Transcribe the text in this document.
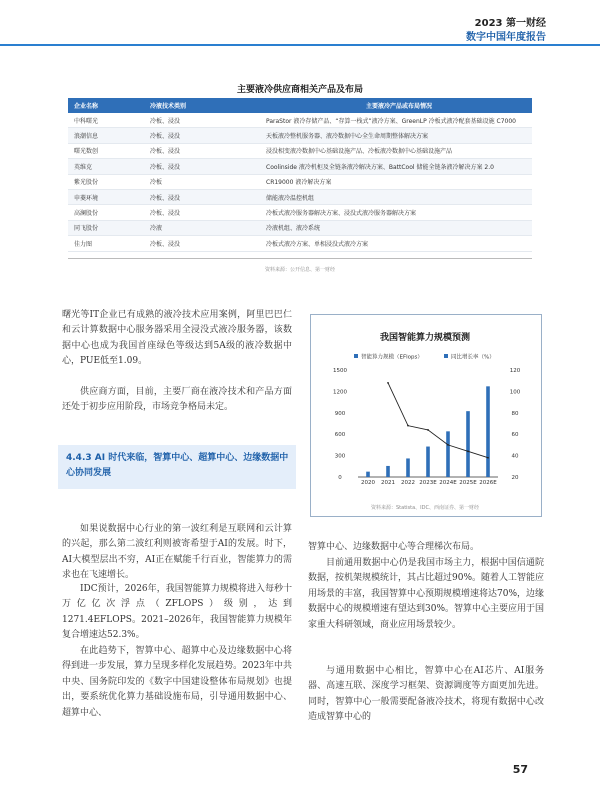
2023 第一财经
数字中国年度报告
主要液冷供应商相关产品及布局
企业名称	冷液技术类别	主要液冷产品或布局情况
中科曙光	冷板、浸没	ParaStor 液冷存储产品、“存算一栈式”液冷方案、GreenLP 冷板式液冷配套基础设施 C7000
浪潮信息	冷板、浸没	天板液冷整机服务器、液冷数据中心全生命周期整体解决方案
曙光数创	冷板、浸没	浸没相变液冷数据中心基础设施产品、冷板液冷数据中心基础设施产品
英维克	冷板、浸没	Coolinside 液冷机柜及全链条液冷解决方案、BattCool 储能全链条液冷解决方案 2.0
紫光股份	冷板	CR19000 液冷解决方案
申菱环境	冷板、浸没	储能液冷温控机组
高澜股份	冷板、浸没	冷板式液冷服务器解决方案、浸没式液冷服务器解决方案
同飞股份	冷液	冷液机组、液冷系统
佳力图	冷板、浸没	冷板式液冷方案、单相浸没式液冷方案
资料来源：公开信息、第一财经
曙光等IT企业已有成熟的液冷技术应用案例，阿里巴巴仁和云计算数据中心服务器采用全浸没式液冷服务器，该数据中心也成为我国首座绿色等级达到5A级的液冷数据中心，PUE低至1.09。
供应商方面，目前，主要厂商在液冷技术和产品方面还处于初步应用阶段，市场竞争格局未定。
4.4.3 AI 时代来临，智算中心、超算中心、边缘数据中心协同发展
如果说数据中心行业的第一波红利是互联网和云计算的兴起，那么第二波红利则被寄希望于AI的发展。时下，AI大模型层出不穷，AI正在赋能千行百业，智能算力的需求也在飞速增长。
IDC预计，2026年，我国智能算力规模将进入每秒十万亿亿次浮点（ZFLOPS）级别，达到1271.4EFLOPS。2021–2026年，我国智能算力规模年复合增速达52.3%。
在此趋势下，智算中心、超算中心及边缘数据中心将得到进一步发展，算力呈现多样化发展趋势。2023年中共中央、国务院印发的《数字中国建设整体布局规划》也提出，要系统优化算力基础设施布局，引导通用数据中心、超算中心、
我国智能算力规模预测
智能算力规模（EFlops）	同比增长率（%）
0
300
600
900
1200
1500
20
40
60
80
100
120
2020 2021 2022 2023E 2024E 2025E 2026E
资料来源：Statista、IDC、西南证券、第一财经
智算中心、边缘数据中心等合理梯次布局。
目前通用数据中心仍是我国市场主力，根据中国信通院数据，按机架规模统计，其占比超过90%。随着人工智能应用场景的丰富，我国智算中心预期规模增速将达70%，边缘数据中心的规模增速有望达到30%。智算中心主要应用于国家重大科研领域，商业应用场景较少。
与通用数据中心相比，智算中心在AI芯片、AI服务器、高速互联、深度学习框架、资源调度等方面更加先进。同时，智算中心一般需要配备液冷技术，将现有数据中心改造成智算中心的
57
